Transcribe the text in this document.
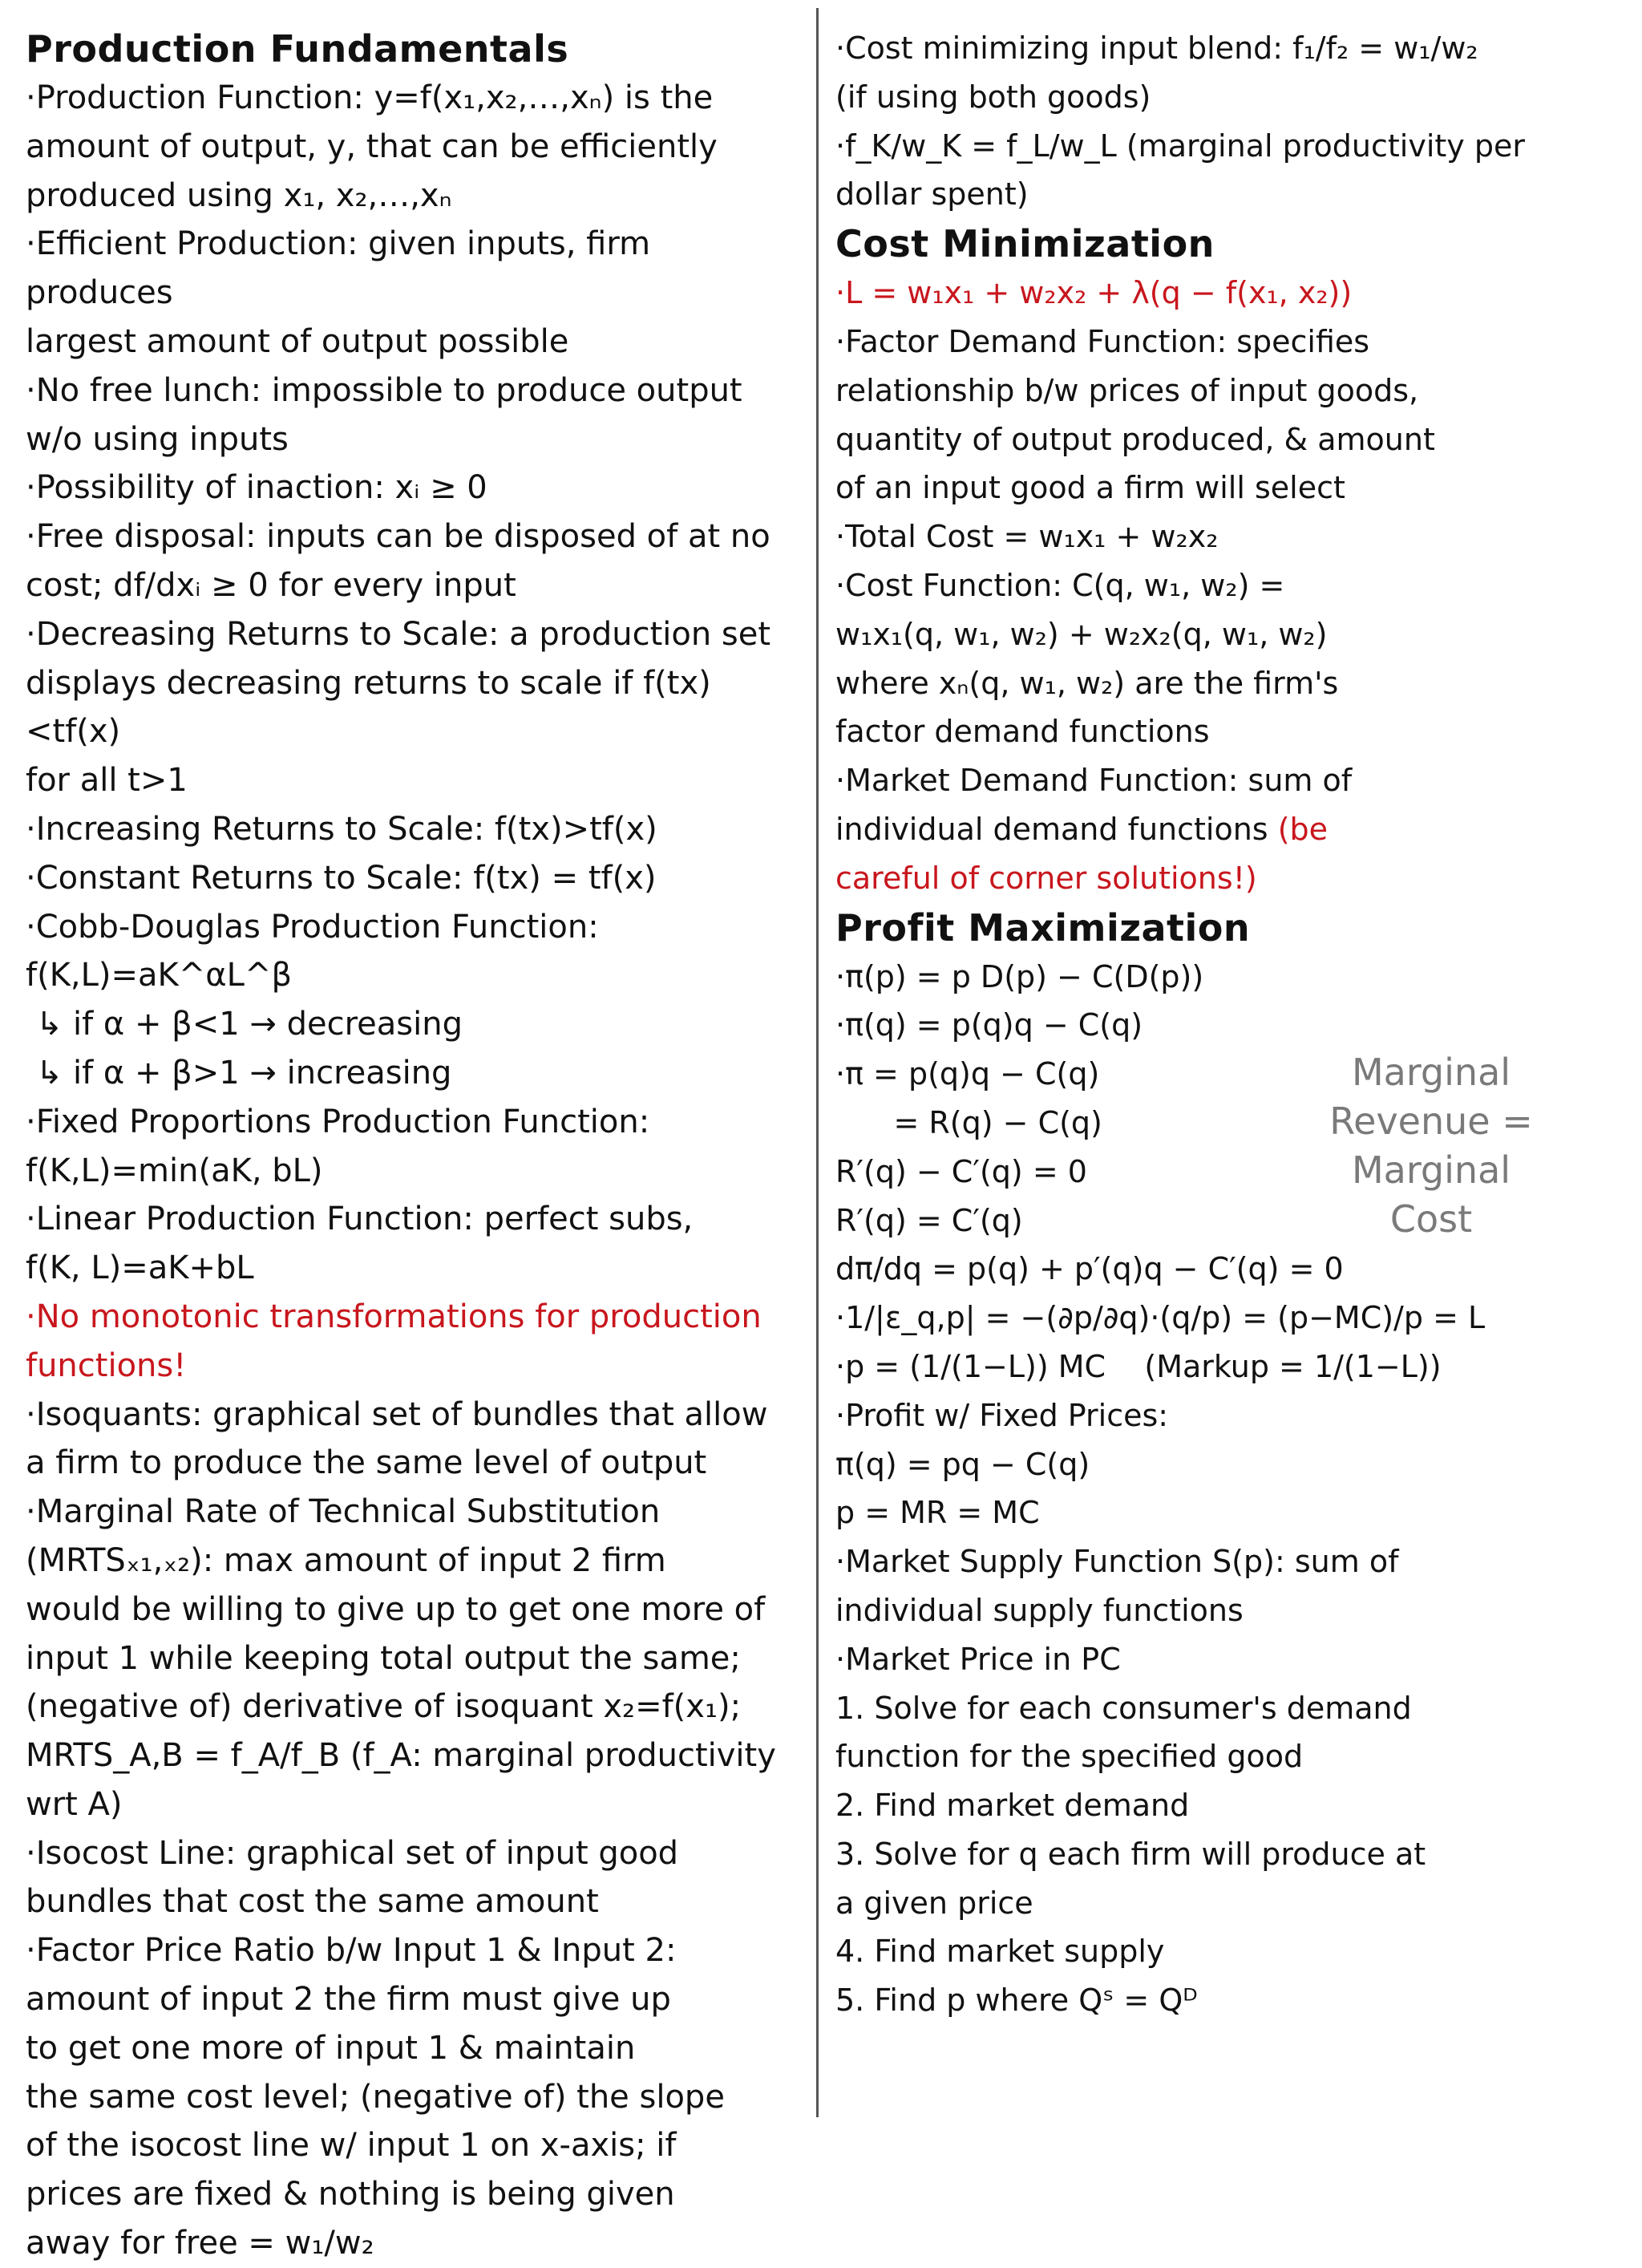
Production Fundamentals

·Production Function: y=f(x₁,x₂,…,xₙ) is the

amount of output, y, that can be efficiently

produced using x₁, x₂,…,xₙ

·Efficient Production: given inputs, firm produces

largest amount of output possible

·No free lunch: impossible to produce output

w/o using inputs

·Possibility of inaction: xᵢ ≥ 0

·Free disposal: inputs can be disposed of at no

cost; df/dxᵢ ≥ 0 for every input

·Decreasing Returns to Scale: a production set

displays decreasing returns to scale if f(tx)<tf(x)

for all t>1

·Increasing Returns to Scale: f(tx)>tf(x)

·Constant Returns to Scale: f(tx) = tf(x)

·Cobb-Douglas Production Function: f(K,L)=aK^αL^β

↳ if α + β<1 → decreasing

↳ if α + β>1 → increasing

·Fixed Proportions Production Function:

f(K,L)=min(aK, bL)

·Linear Production Function: perfect subs,

f(K, L)=aK+bL

·No monotonic transformations for production

functions!

·Isoquants: graphical set of bundles that allow

a firm to produce the same level of output

·Marginal Rate of Technical Substitution

(MRTSₓ₁,ₓ₂): max amount of input 2 firm

would be willing to give up to get one more of

input 1 while keeping total output the same;

(negative of) derivative of isoquant x₂=f(x₁);

MRTS_A,B = f_A/f_B (f_A: marginal productivity wrt A)

·Isocost Line: graphical set of input good

bundles that cost the same amount

·Factor Price Ratio b/w Input 1 & Input 2:

amount of input 2 the firm must give up

to get one more of input 1 & maintain

the same cost level; (negative of) the slope

of the isocost line w/ input 1 on x-axis; if

prices are fixed & nothing is being given

away for free = w₁/w₂

·Cost minimizing input blend: f₁/f₂ = w₁/w₂

(if using both goods)

·f_K/w_K = f_L/w_L (marginal productivity per

dollar spent)

Cost Minimization

·L = w₁x₁ + w₂x₂ + λ(q − f(x₁, x₂))

·Factor Demand Function: specifies

relationship b/w prices of input goods,

quantity of output produced, & amount

of an input good a firm will select

·Total Cost = w₁x₁ + w₂x₂

·Cost Function: C(q, w₁, w₂) =

w₁x₁(q, w₁, w₂) + w₂x₂(q, w₁, w₂)

where xₙ(q, w₁, w₂) are the firm's

factor demand functions

·Market Demand Function: sum of

individual demand functions (be

careful of corner solutions!)

Profit Maximization

·π(p) = p D(p) − C(D(p))

·π(q) = p(q)q − C(q)

·π = p(q)q − C(q)

= R(q) − C(q)

R′(q) − C′(q) = 0

R′(q) = C′(q)

dπ/dq = p(q) + p′(q)q − C′(q) = 0

·1/|ε_q,p| = −(∂p/∂q)·(q/p) = (p−MC)/p = L

·p = (1/(1−L)) MC    (Markup = 1/(1−L))

·Profit w/ Fixed Prices:

π(q) = pq − C(q)

p = MR = MC

·Market Supply Function S(p): sum of

individual supply functions

·Market Price in PC

1. Solve for each consumer's demand

function for the specified good

2. Find market demand

3. Solve for q each firm will produce at

a given price

4. Find market supply

5. Find p where Qˢ = Qᴰ

Marginal
Revenue =
Marginal
Cost
